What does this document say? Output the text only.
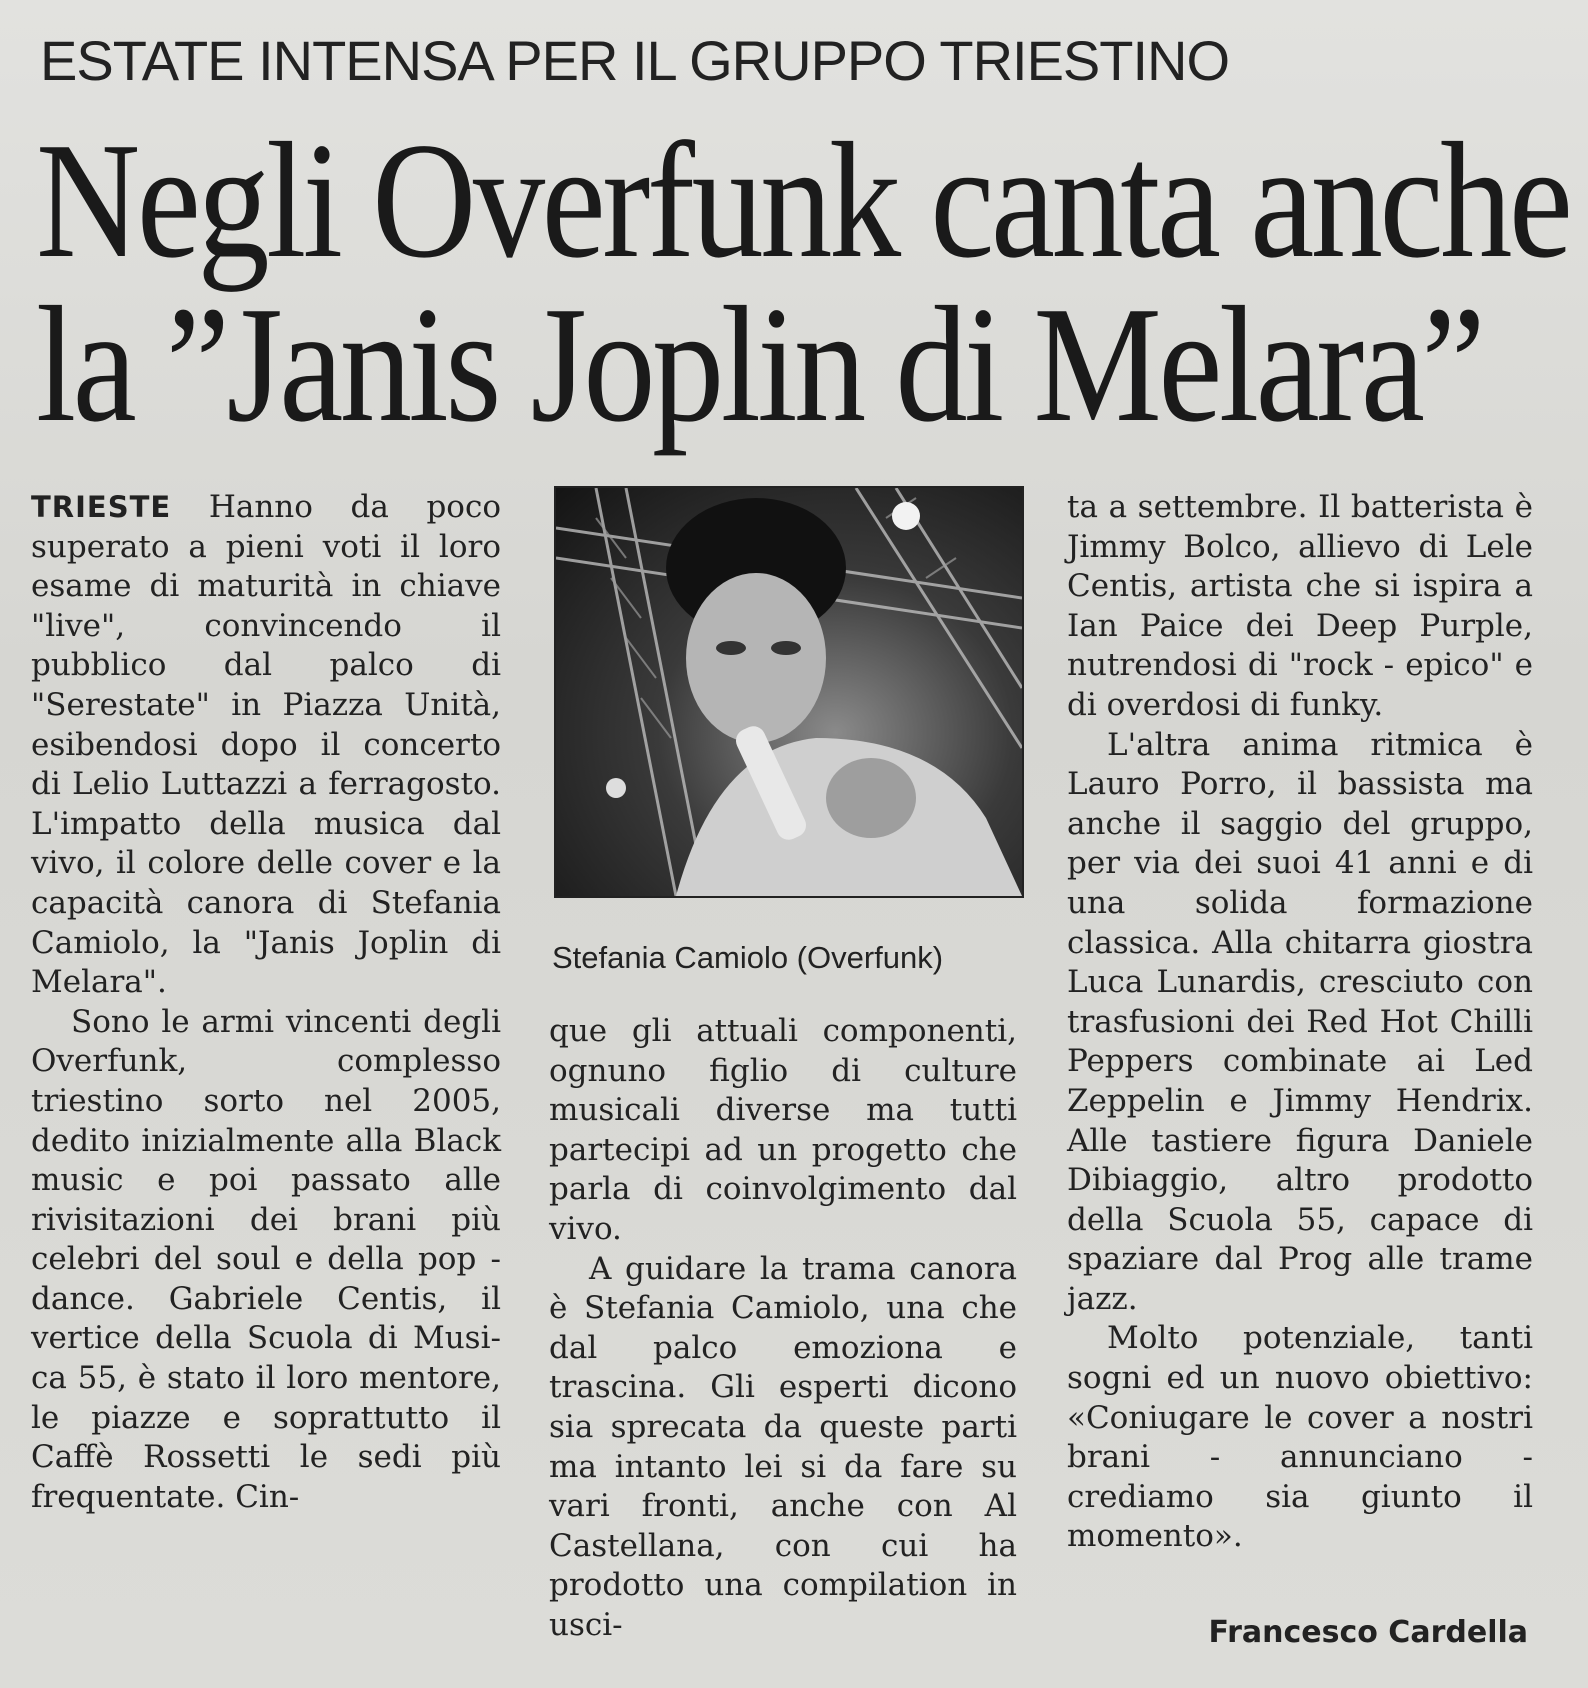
ESTATE INTENSA PER IL GRUPPO TRIESTINO
Negli Overfunk canta anche
la ”Janis Joplin di Melara”

TRIESTE Hanno da poco superato a pieni voti il loro esame di maturità in chiave "live", convincendo il pubblico dal palco di "Serestate" in Piazza Unità, esibendosi dopo il concerto di Lelio Luttazzi a ferragosto. L'impatto della musica dal vivo, il colore delle cover e la capacità canora di Stefania Camiolo, la "Janis Joplin di Melara".

Sono le armi vincenti degli Overfunk, complesso triestino sorto nel 2005, dedito inizialmente alla Black music e poi passato alle rivisitazioni dei brani più celebri del soul e della pop - dance. Gabriele Centis, il vertice della Scuola di Musica 55, è stato il loro mentore, le piazze e soprattutto il Caffè Rossetti le sedi più frequentate. Cin-

Stefania Camiolo (Overfunk)

que gli attuali componenti, ognuno figlio di culture musicali diverse ma tutti partecipi ad un progetto che parla di coinvolgimento dal vivo.

A guidare la trama canora è Stefania Camiolo, una che dal palco emoziona e trascina. Gli esperti dicono sia sprecata da queste parti ma intanto lei si da fare su vari fronti, anche con Al Castellana, con cui ha prodotto una compilation in usci-

ta a settembre. Il batterista è Jimmy Bolco, allievo di Lele Centis, artista che si ispira a Ian Paice dei Deep Purple, nutrendosi di "rock - epico" e di overdosi di funky.

L'altra anima ritmica è Lauro Porro, il bassista ma anche il saggio del gruppo, per via dei suoi 41 anni e di una solida formazione classica. Alla chitarra giostra Luca Lunardis, cresciuto con trasfusioni dei Red Hot Chilli Peppers combinate ai Led Zeppelin e Jimmy Hendrix. Alle tastiere figura Daniele Dibiaggio, altro prodotto della Scuola 55, capace di spaziare dal Prog alle trame jazz.

Molto potenziale, tanti sogni ed un nuovo obiettivo: «Coniugare le cover a nostri brani - annunciano - crediamo sia giunto il momento».

Francesco Cardella
